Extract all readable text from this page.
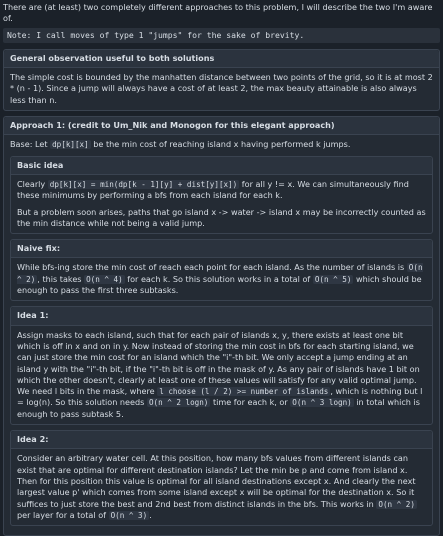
There are (at least) two completely different approaches to this problem, I will describe the two I'm aware of.

Note: I call moves of type 1 "jumps" for the sake of brevity.
General observation useful to both solutions

The simple cost is bounded by the manhatten distance between two points of the grid, so it is at most 2 * (n - 1). Since a jump will always have a cost of at least 2, the max beauty attainable is also always less than n.

Approach 1: (credit to Um_Nik and Monogon for this elegant approach)

Base: Let dp[k][x] be the min cost of reaching island x having performed k jumps.

Basic idea

Clearly dp[k][x] = min(dp[k - 1][y] + dist[y][x]) for all y != x. We can simultaneously find these minimums by performing a bfs from each island for each k.

But a problem soon arises, paths that go island x -> water -> island x may be incorrectly counted as the min distance while not being a valid jump.

Naive fix:

While bfs-ing store the min cost of reach each point for each island. As the number of islands is O(n ^ 2) , this takes O(n ^ 4) for each k. So this solution works in a total of O(n ^ 5) which should be enough to pass the first three subtasks.

Idea 1:

Assign masks to each island, such that for each pair of islands x, y, there exists at least one bit which is off in x and on in y. Now instead of storing the min cost in bfs for each starting island, we can just store the min cost for an island which the "i"-th bit. We only accept a jump ending at an island y with the "i"-th bit, if the "i"-th bit is off in the mask of y. As any pair of islands have 1 bit on which the other doesn't, clearly at least one of these values will satisfy for any valid optimal jump. We need l bits in the mask, where l choose (l / 2) >= number of islands , which is nothing but l = log(n). So this solution needs O(n ^ 2 logn) time for each k, or O(n ^ 3 logn) in total which is enough to pass subtask 5.

Idea 2:

Consider an arbitrary water cell. At this position, how many bfs values from different islands can exist that are optimal for different destination islands? Let the min be p and come from island x. Then for this position this value is optimal for all island destinations except x. And clearly the next largest value p' which comes from some island except x will be optimal for the destination x. So it suffices to just store the best and 2nd best from distinct islands in the bfs. This works in O(n ^ 2) per layer for a total of O(n ^ 3) .
